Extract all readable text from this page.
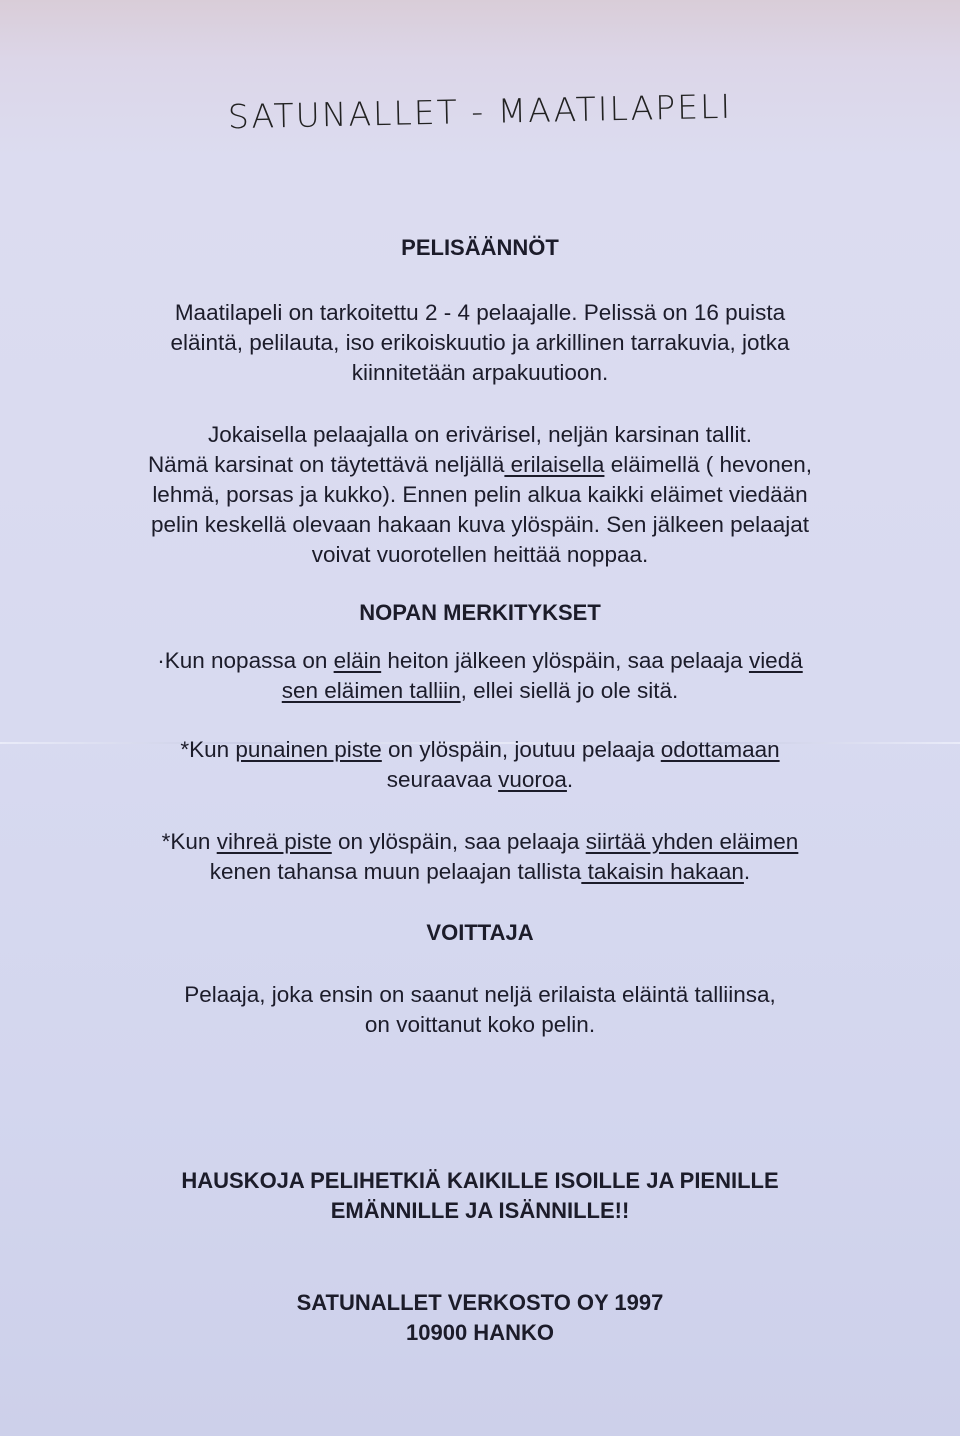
SATUNALLET - MAATILAPELI
PELISÄÄNNÖT
Maatilapeli on tarkoitettu 2 - 4 pelaajalle. Pelissä on 16 puista
eläintä, pelilauta, iso erikoiskuutio ja arkillinen tarrakuvia, jotka
kiinnitetään arpakuutioon.
Jokaisella pelaajalla on erivärisel, neljän karsinan tallit.
Nämä karsinat on täytettävä neljällä erilaisella eläimellä ( hevonen,
lehmä, porsas ja kukko). Ennen pelin alkua kaikki eläimet viedään
pelin keskellä olevaan hakaan kuva ylöspäin. Sen jälkeen pelaajat
voivat vuorotellen heittää noppaa.
NOPAN MERKITYKSET
·Kun nopassa on eläin heiton jälkeen ylöspäin, saa pelaaja viedä
sen eläimen talliin, ellei siellä jo ole sitä.
*Kun punainen piste on ylöspäin, joutuu pelaaja odottamaan
seuraavaa vuoroa.
*Kun vihreä piste on ylöspäin, saa pelaaja siirtää yhden eläimen
kenen tahansa muun pelaajan tallista takaisin hakaan.
VOITTAJA
Pelaaja, joka ensin on saanut neljä erilaista eläintä talliinsa,
on voittanut koko pelin.
HAUSKOJA PELIHETKIÄ KAIKILLE ISOILLE JA PIENILLE
EMÄNNILLE JA ISÄNNILLE!!
SATUNALLET VERKOSTO OY 1997
10900 HANKO
